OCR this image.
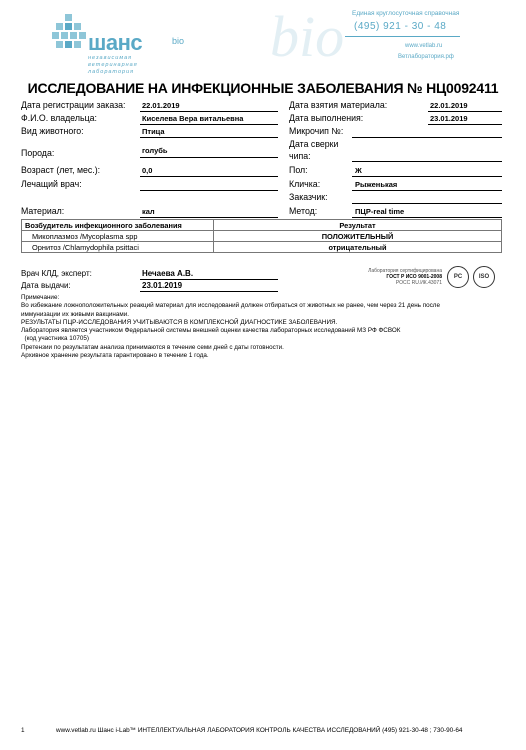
bio
шанс	bio
независимая
ветеринарная
лаборатория
Единая круглосуточная справочная
(495) 921 - 30 - 48
www.vetlab.ru
Ветлаборатория.рф
ИССЛЕДОВАНИЕ НА ИНФЕКЦИОННЫЕ ЗАБОЛЕВАНИЯ № НЦ0092411
Дата регистрации заказа: 22.01.2019
Ф.И.О. владельца:	Киселева Вера витальевна
Вид животного:	Птица
Порода:	голубь
Возраст (лет, мес.):	0,0
Лечащий врач:
Материал:	кал
Дата взятия материала:	22.01.2019
Дата выполнения:	23.01.2019
Микрочип №:
Дата сверки
чипа:
Пол:	Ж
Кличка:	Рыженькая
Заказчик:
Метод:	ПЦР-real time
Возбудитель инфекционного заболевания	Результат
Микоплазмоз /Mycoplasma spp	ПОЛОЖИТЕЛЬНЫЙ
Орнитоз /Chlamydophila psittaci	отрицательный
Врач КЛД, эксперт:	Нечаева А.В.
Дата выдачи:	23.01.2019
Лаборатория сертифицирована
ГОСТ Р ИСО 9001-2008
РОСС RU.ИК.43071
PC	ISO
Примечание:
Во избежание ложноположительных реакций материал для исследований должен отбираться от животных не ранее, чем через 21 день после
иммунизации их живыми вакцинами.
РЕЗУЛЬТАТЫ ПЦР-ИССЛЕДОВАНИЯ УЧИТЫВАЮТСЯ В КОМПЛЕКСНОЙ ДИАГНОСТИКЕ ЗАБОЛЕВАНИЯ.
Лаборатория является участником Федеральной системы внешней оценки качества лабораторных исследований МЗ РФ ФСВОК
(код участника 10705)
Претензии по результатам анализа принимаются в течение семи дней с даты готовности.
Архивное хранение результата гарантировано в течение 1 года.
1	www.vetlab.ru Шанс i-Lab™ ИНТЕЛЛЕКТУАЛЬНАЯ ЛАБОРАТОРИЯ КОНТРОЛЬ КАЧЕСТВА ИССЛЕДОВАНИЙ (495) 921-30-48 ; 730-90-64
